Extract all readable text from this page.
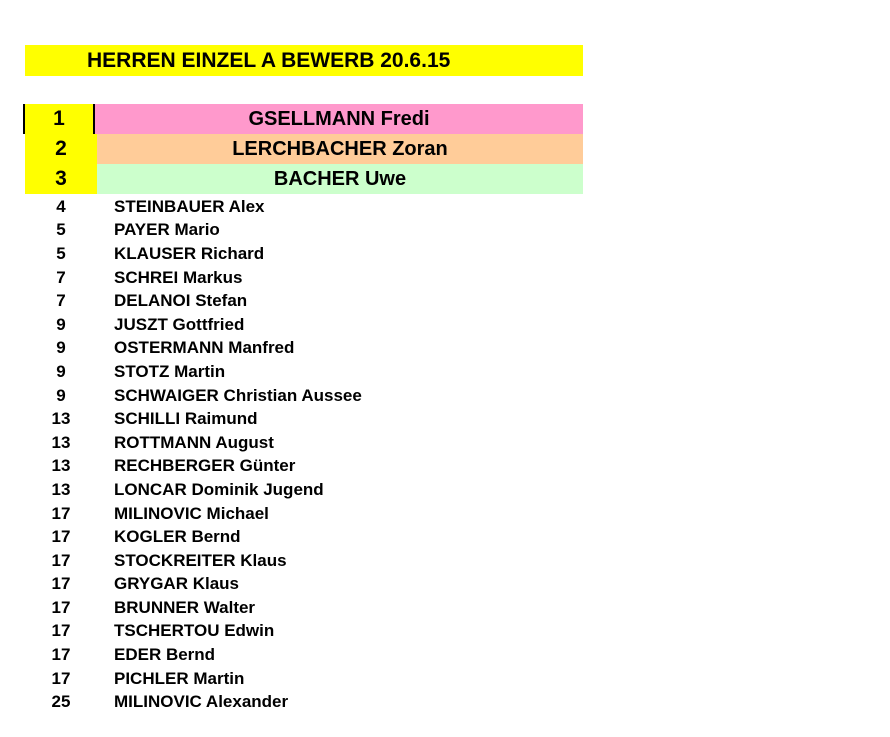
HERREN EINZEL A BEWERB 20.6.15
1	GSELLMANN Fredi
2	LERCHBACHER Zoran
3	BACHER Uwe
4	STEINBAUER Alex
5	PAYER Mario
5	KLAUSER Richard
7	SCHREI Markus
7	DELANOI Stefan
9	JUSZT Gottfried
9	OSTERMANN Manfred
9	STOTZ Martin
9	SCHWAIGER Christian Aussee
13	SCHILLI Raimund
13	ROTTMANN August
13	RECHBERGER Günter
13	LONCAR Dominik Jugend
17	MILINOVIC Michael
17	KOGLER Bernd
17	STOCKREITER Klaus
17	GRYGAR Klaus
17	BRUNNER Walter
17	TSCHERTOU Edwin
17	EDER Bernd
17	PICHLER Martin
25	MILINOVIC Alexander
